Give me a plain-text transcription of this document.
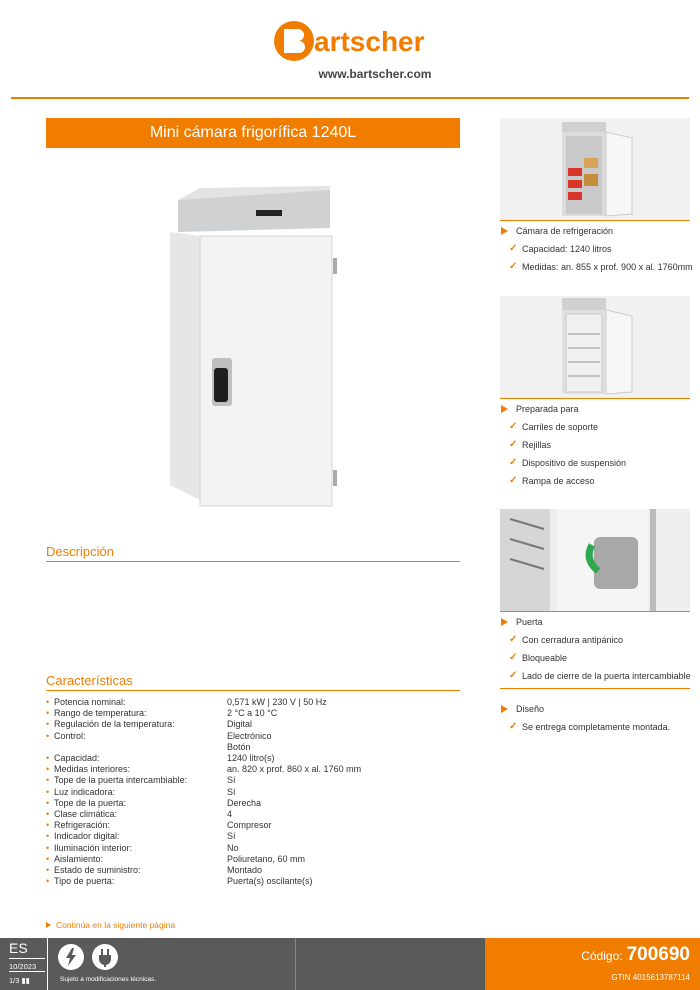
artscher
www.bartscher.com
Mini cámara frigorífica 1240L
Descripción
Características
• Potencia nominal:	0,571 kW | 230 V | 50 Hz
• Rango de temperatura:	2 °C a 10 °C
• Regulación de la temperatura:	Digital
• Control:	Electrónico
Botón
• Capacidad:	1240 litro(s)
• Medidas interiores:	an. 820 x prof. 860 x al. 1760 mm
• Tope de la puerta intercambiable:	Sí
• Luz indicadora:	Sí
• Tope de la puerta:	Derecha
• Clase climática:	4
• Refrigeración:	Compresor
• Indicador digital:	Sí
• Iluminación interior:	No
• Aislamiento:	Poliuretano, 60 mm
• Estado de suministro:	Montado
• Tipo de puerta:	Puerta(s) oscilante(s)
Continúa en la siguiente página
Cámara de refrigeración
✓ Capacidad: 1240 litros
✓ Medidas: an. 855 x prof. 900 x al. 1760mm
Preparada para
✓ Carriles de soporte
✓ Rejillas
✓ Dispositivo de suspensión
✓ Rampa de acceso
Puerta
✓ Con cerradura antipánico
✓ Bloqueable
✓ Lado de cierre de la puerta intercambiable
Diseño
✓ Se entrega completamente montada.
ES
10/2023
1/3 ▮▮
	Sujeto a modificaciones técnicas.
Código: 700690
GTIN 4015613787114
